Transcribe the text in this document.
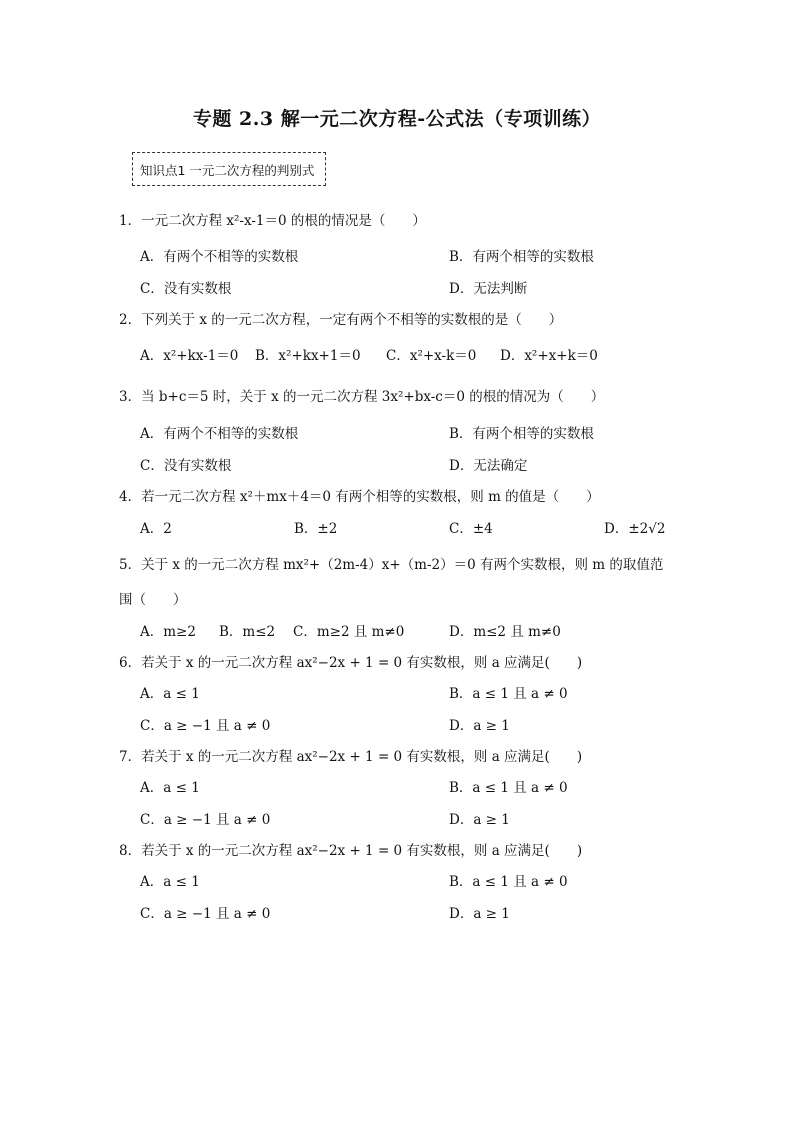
专题 2.3 解一元二次方程-公式法（专项训练）
知识点1 一元二次方程的判别式
1．一元二次方程 x²-x-1＝0 的根的情况是（　　）
A．有两个不相等的实数根	B．有两个相等的实数根
C．没有实数根	D．无法判断
2．下列关于 x 的一元二次方程，一定有两个不相等的实数根的是（　　）
A．x²+kx-1＝0 B．x²+kx+1＝0 C．x²+x-k＝0 D．x²+x+k＝0
3．当 b+c＝5 时，关于 x 的一元二次方程 3x²+bx-c＝0 的根的情况为（　　）
A．有两个不相等的实数根	B．有两个相等的实数根
C．没有实数根	D．无法确定
4．若一元二次方程 x²＋mx＋4＝0 有两个相等的实数根，则 m 的值是（　　）
A．2	B．±2	C．±4	D．±2√2
5．关于 x 的一元二次方程 mx²+（2m-4）x+（m-2）＝0 有两个实数根，则 m 的取值范
围（　　）
A．m≥2 B．m≤2 C．m≥2 且 m≠0	D．m≤2 且 m≠0
6．若关于 x 的一元二次方程 ax²−2x + 1 = 0 有实数根，则 a 应满足(　　)
A．a ≤ 1	B．a ≤ 1 且 a ≠ 0
C．a ≥ −1 且 a ≠ 0	D．a ≥ 1
7．若关于 x 的一元二次方程 ax²−2x + 1 = 0 有实数根，则 a 应满足(　　)
A．a ≤ 1	B．a ≤ 1 且 a ≠ 0
C．a ≥ −1 且 a ≠ 0	D．a ≥ 1
8．若关于 x 的一元二次方程 ax²−2x + 1 = 0 有实数根，则 a 应满足(　　)
A．a ≤ 1	B．a ≤ 1 且 a ≠ 0
C．a ≥ −1 且 a ≠ 0	D．a ≥ 1
